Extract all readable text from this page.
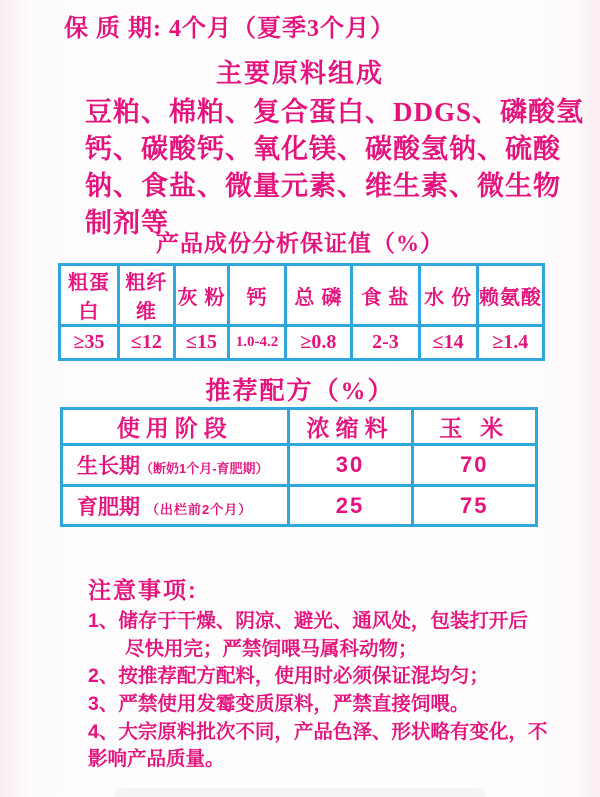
保 质 期: 4个月（夏季3个月）
主要原料组成
豆粕、棉粕、复合蛋白、DDGS、磷酸氢
钙、碳酸钙、氧化镁、碳酸氢钠、硫酸
钠、食盐、微量元素、维生素、微生物
制剂等
产品成份分析保证值（%）
粗蛋白	粗纤维	灰 粉	钙	总 磷	食 盐	水 份	赖氨酸
≥35	≤12	≤15	1.0-4.2	≥0.8	2-3	≤14	≥1.4
推荐配方（%）
使用阶段	浓缩料	玉 米
生长期（断奶1个月-育肥期）	30	70
育肥期 （出栏前2个月）	25	75
注意事项:
1、储存于干燥、阴凉、避光、通风处，包装打开后
尽快用完；严禁饲喂马属科动物；
2、按推荐配方配料，使用时必须保证混均匀；
3、严禁使用发霉变质原料，严禁直接饲喂。
4、大宗原料批次不同，产品色泽、形状略有变化，不
影响产品质量。
